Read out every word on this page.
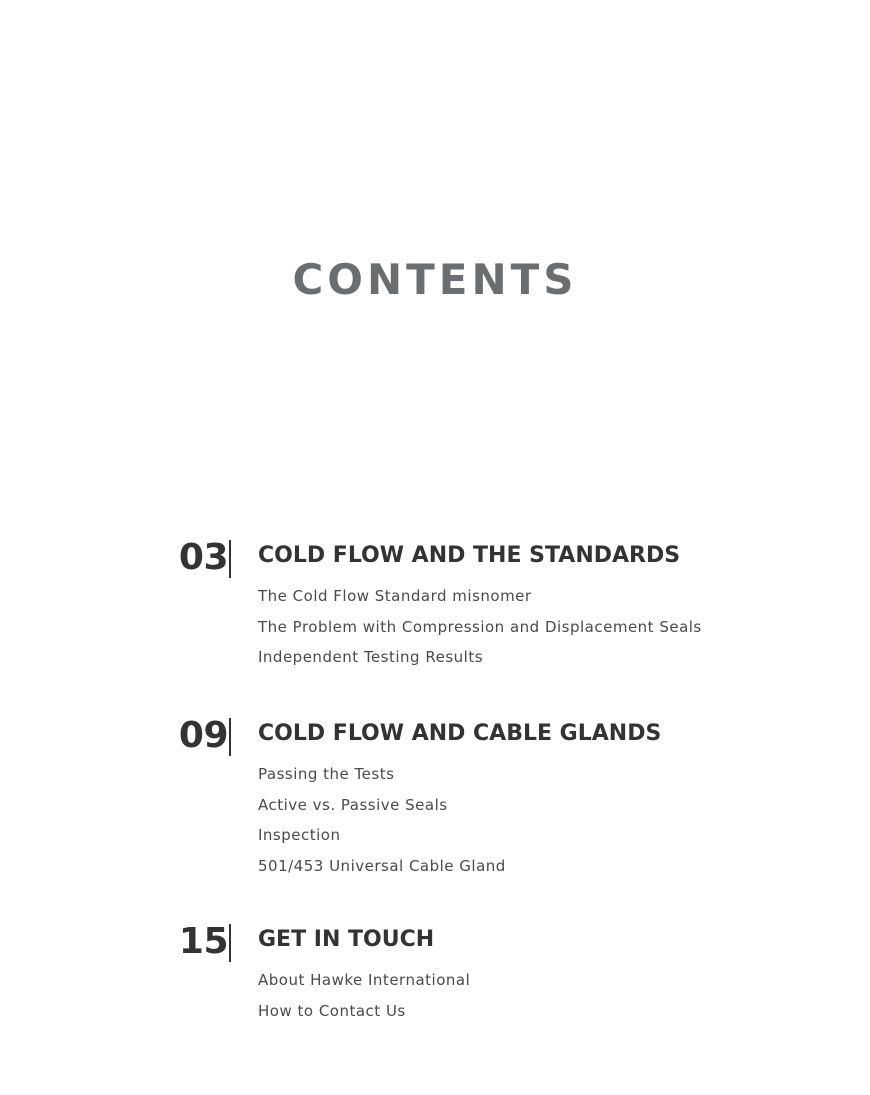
CONTENTS
03 COLD FLOW AND THE STANDARDS
The Cold Flow Standard misnomer
The Problem with Compression and Displacement Seals
Independent Testing Results
09 COLD FLOW AND CABLE GLANDS
Passing the Tests
Active vs. Passive Seals
Inspection
501/453 Universal Cable Gland
15 GET IN TOUCH
About Hawke International
How to Contact Us
